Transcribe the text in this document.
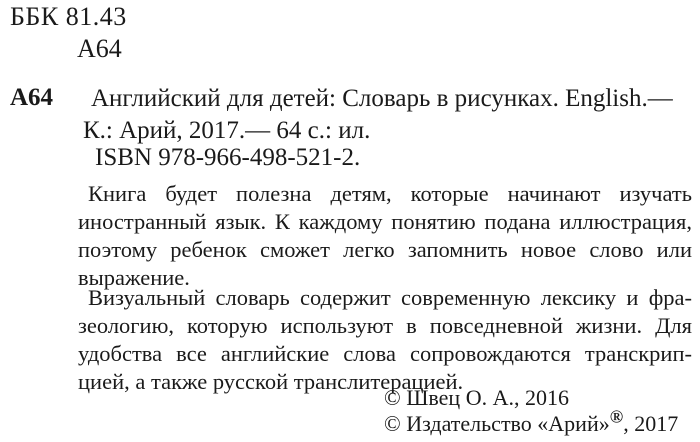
ББК 81.43
А64
А64	Английский для детей: Словарь в рисунках. English.—
К.: Арий, 2017.— 64 с.: ил.
ISBN 978-966-498-521-2.
Книга будет полезна детям, которые начинают изучать
иностранный язык. К каждому понятию подана иллюстрация,
поэтому ребенок сможет легко запомнить новое слово или
выражение.
Визуальный словарь содержит современную лексику и фра-
зеологию, которую используют в повседневной жизни. Для
удобства все английские слова сопровождаются транскрип-
цией, а также русской транслитерацией.
© Швец О. А., 2016
© Издательство «Арий»®, 2017
